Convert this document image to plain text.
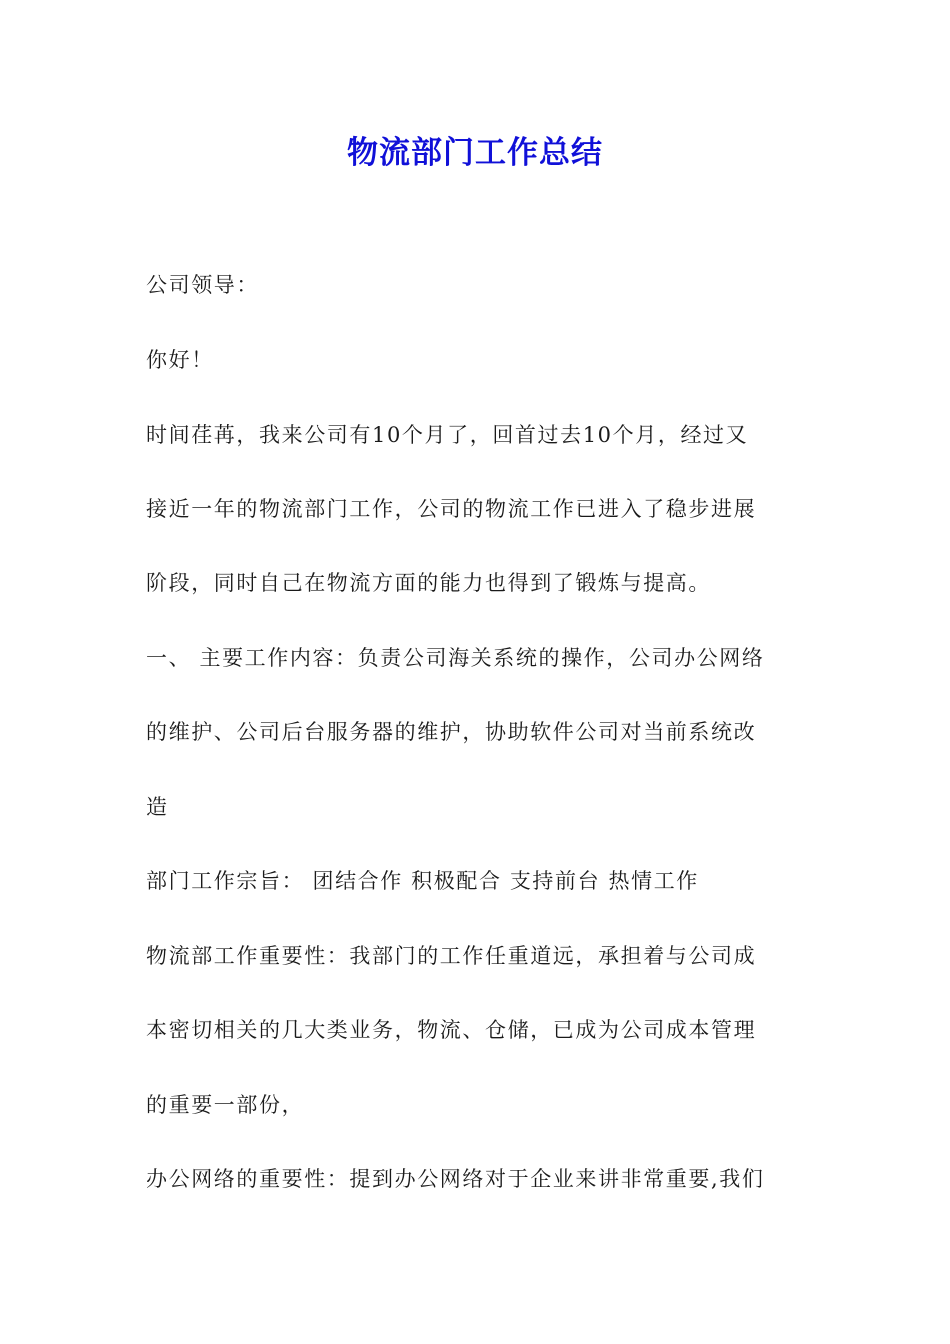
物流部门工作总结
公司领导：
你好！
时间荏苒，我来公司有10个月了，回首过去10个月，经过又
接近一年的物流部门工作，公司的物流工作已进入了稳步进展
阶段，同时自己在物流方面的能力也得到了锻炼与提高。
一、 主要工作内容：负责公司海关系统的操作，公司办公网络
的维护、公司后台服务器的维护，协助软件公司对当前系统改
造
部门工作宗旨： 团结合作 积极配合 支持前台 热情工作
物流部工作重要性：我部门的工作任重道远，承担着与公司成
本密切相关的几大类业务，物流、仓储，已成为公司成本管理
的重要一部份，
办公网络的重要性：提到办公网络对于企业来讲非常重要,我们
